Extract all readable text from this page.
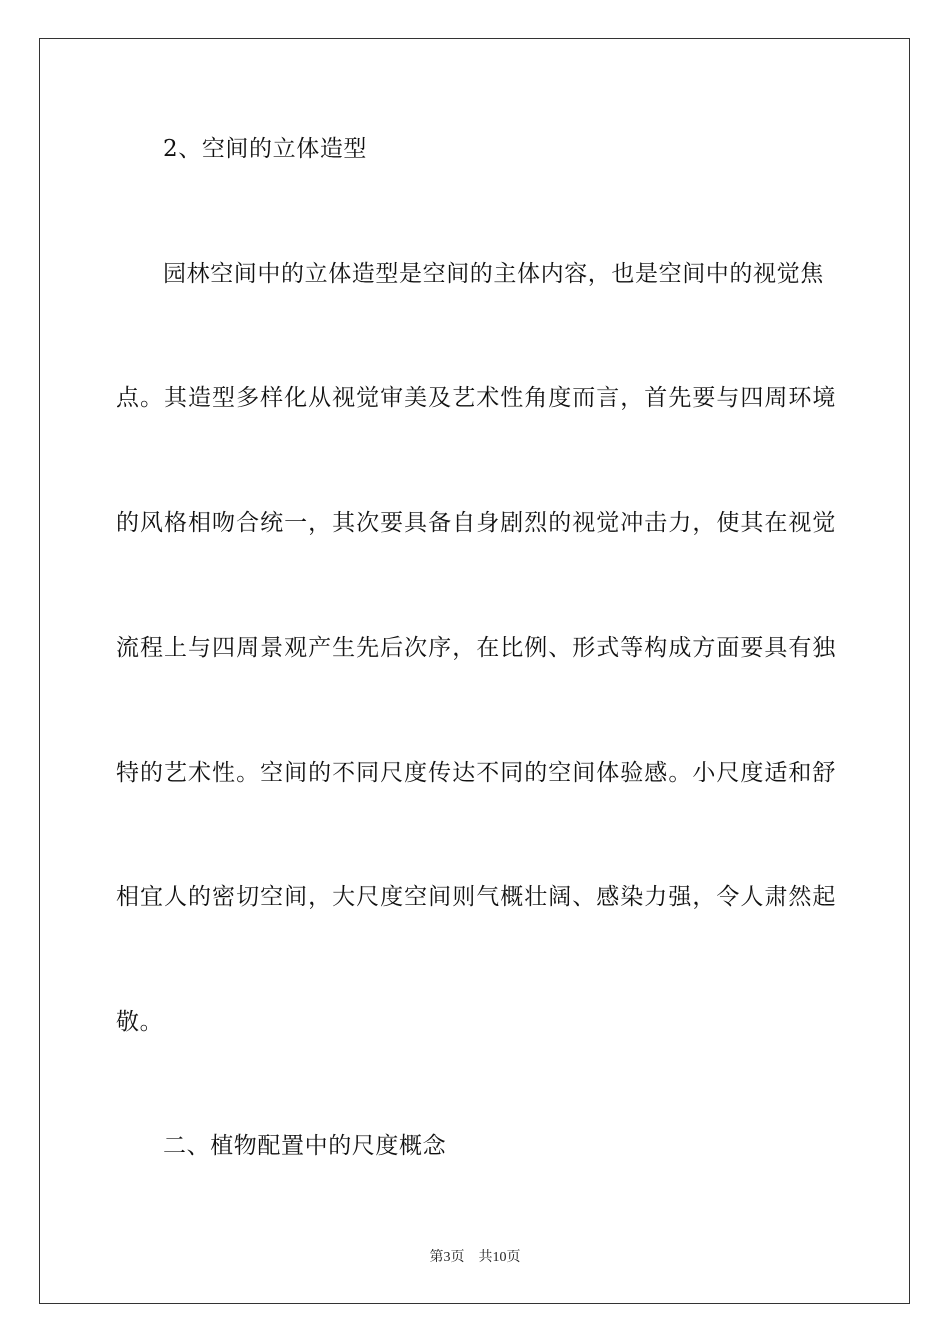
2、空间的立体造型
园林空间中的立体造型是空间的主体内容，也是空间中的视觉焦
点。其造型多样化从视觉审美及艺术性角度而言，首先要与四周环境
的风格相吻合统一，其次要具备自身剧烈的视觉冲击力，使其在视觉
流程上与四周景观产生先后次序，在比例、形式等构成方面要具有独
特的艺术性。空间的不同尺度传达不同的空间体验感。小尺度适和舒
相宜人的密切空间，大尺度空间则气概壮阔、感染力强，令人肃然起
敬。
二、植物配置中的尺度概念
第3页　共10页
